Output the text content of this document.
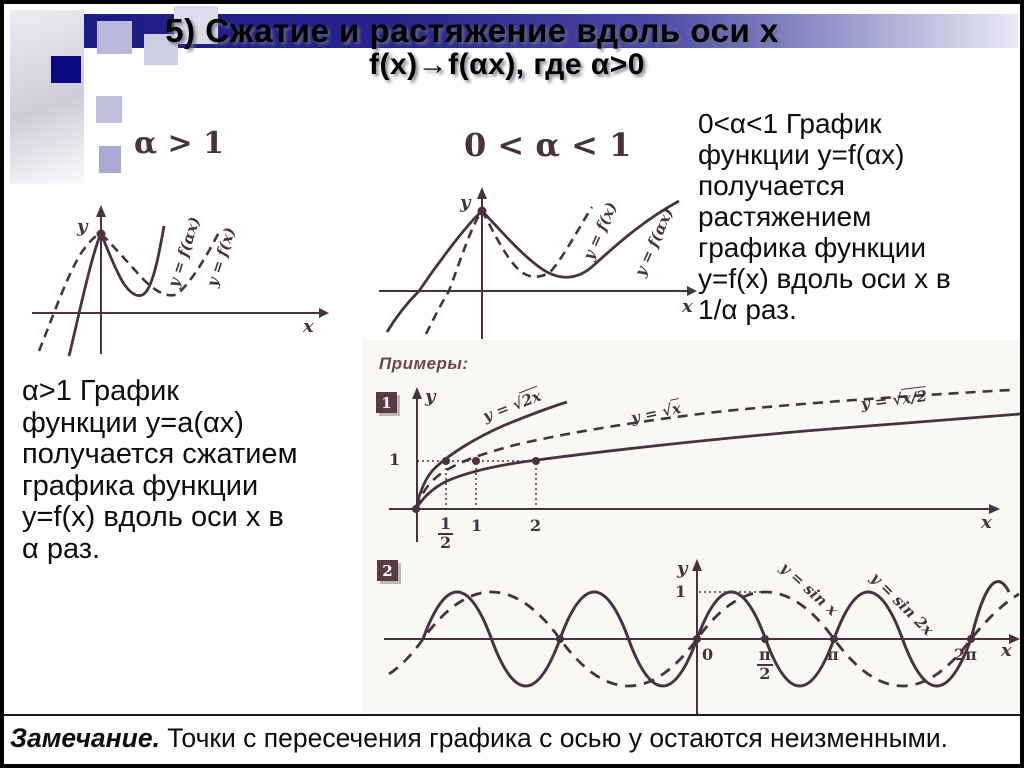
5) Сжатие и растяжение вдоль оси x
f(x)→f(αx), где α>0
α > 1
y
x
y = f(αx) y = f(x)
0 < α < 1
y
x
y = f(x) y = f(αx)
0<α<1 График
функции y=f(αx)
получается
растяжением
графика функции
y=f(x) вдоль оси x в
1/α раз.
α>1 График
функции y=a(αx)
получается сжатием
графика функции
y=f(x) вдоль оси x в
α раз.
Примеры:
1 y
x
1
$\frac{1}{2} 1$	2
y = √2x
y = √x	y = √x/2
2	y
x
1
0	$\frac{\pi}{2}$	π	2π
y = sin x y = sin 2x
Замечание. Точки с пересечения графика с осью y остаются неизменными.
